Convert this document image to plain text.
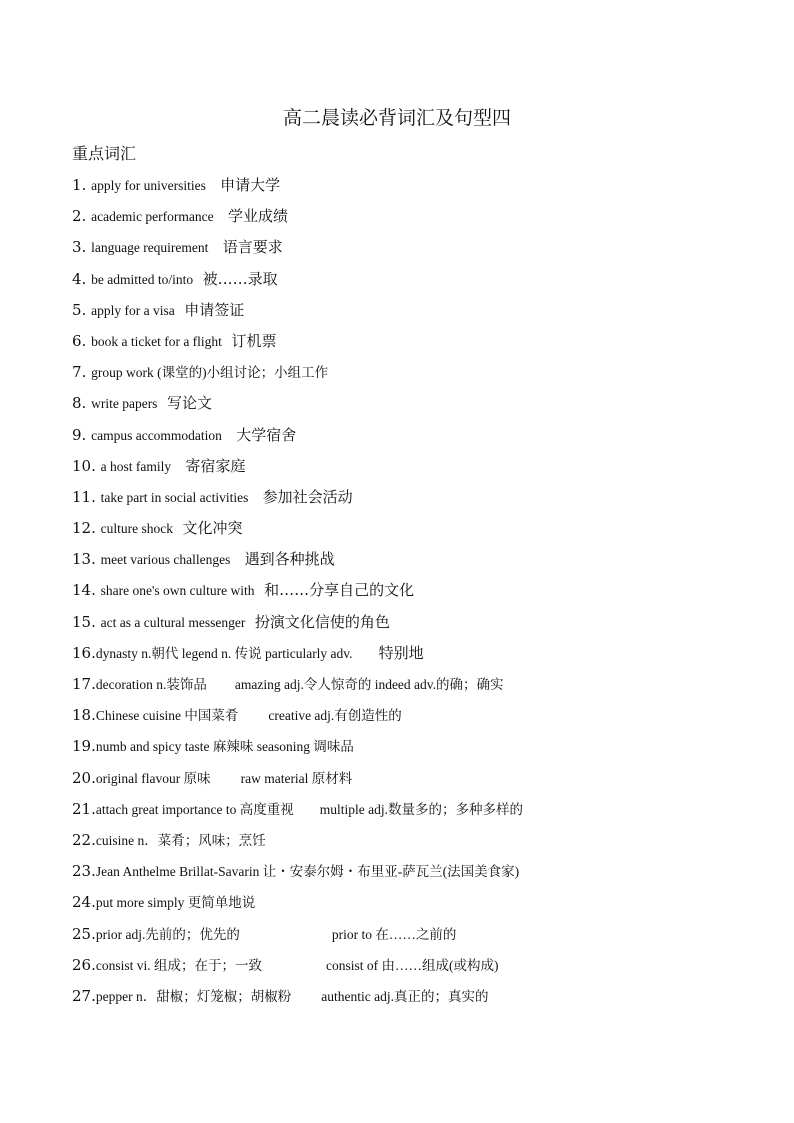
高二晨读必背词汇及句型四
重点词汇
1. apply for universities 申请大学
2. academic performance 学业成绩
3. language requirement 语言要求
4. be admitted to/into 被……录取
5. apply for a visa 申请签证
6. book a ticket for a flight 订机票
7. group work (课堂的)小组讨论；小组工作
8. write papers 写论文
9. campus accommodation 大学宿舍
10. a host family 寄宿家庭
11. take part in social activities 参加社会活动
12. culture shock 文化冲突
13. meet various challenges 遇到各种挑战
14. share one's own culture with 和……分享自己的文化
15. act as a cultural messenger 扮演文化信使的角色
16.dynasty n.朝代 legend n. 传说 particularly adv. 特别地
17.decoration n.装饰品 amazing adj.令人惊奇的 indeed adv.的确；确实
18.Chinese cuisine 中国菜肴 creative adj.有创造性的
19.numb and spicy taste 麻辣味 seasoning 调味品
20.original flavour 原味 raw material 原材料
21.attach great importance to 高度重视 multiple adj.数量多的；多种多样的
22.cuisine n．菜肴；风味；烹饪
23.Jean Anthelme Brillat-Savarin 让・安泰尔姆・布里亚-萨瓦兰(法国美食家)
24.put more simply 更简单地说
25.prior adj.先前的；优先的	prior to 在……之前的
26.consist vi. 组成；在于；一致	consist of 由……组成(或构成)
27.pepper n．甜椒；灯笼椒；胡椒粉 authentic adj.真正的；真实的
